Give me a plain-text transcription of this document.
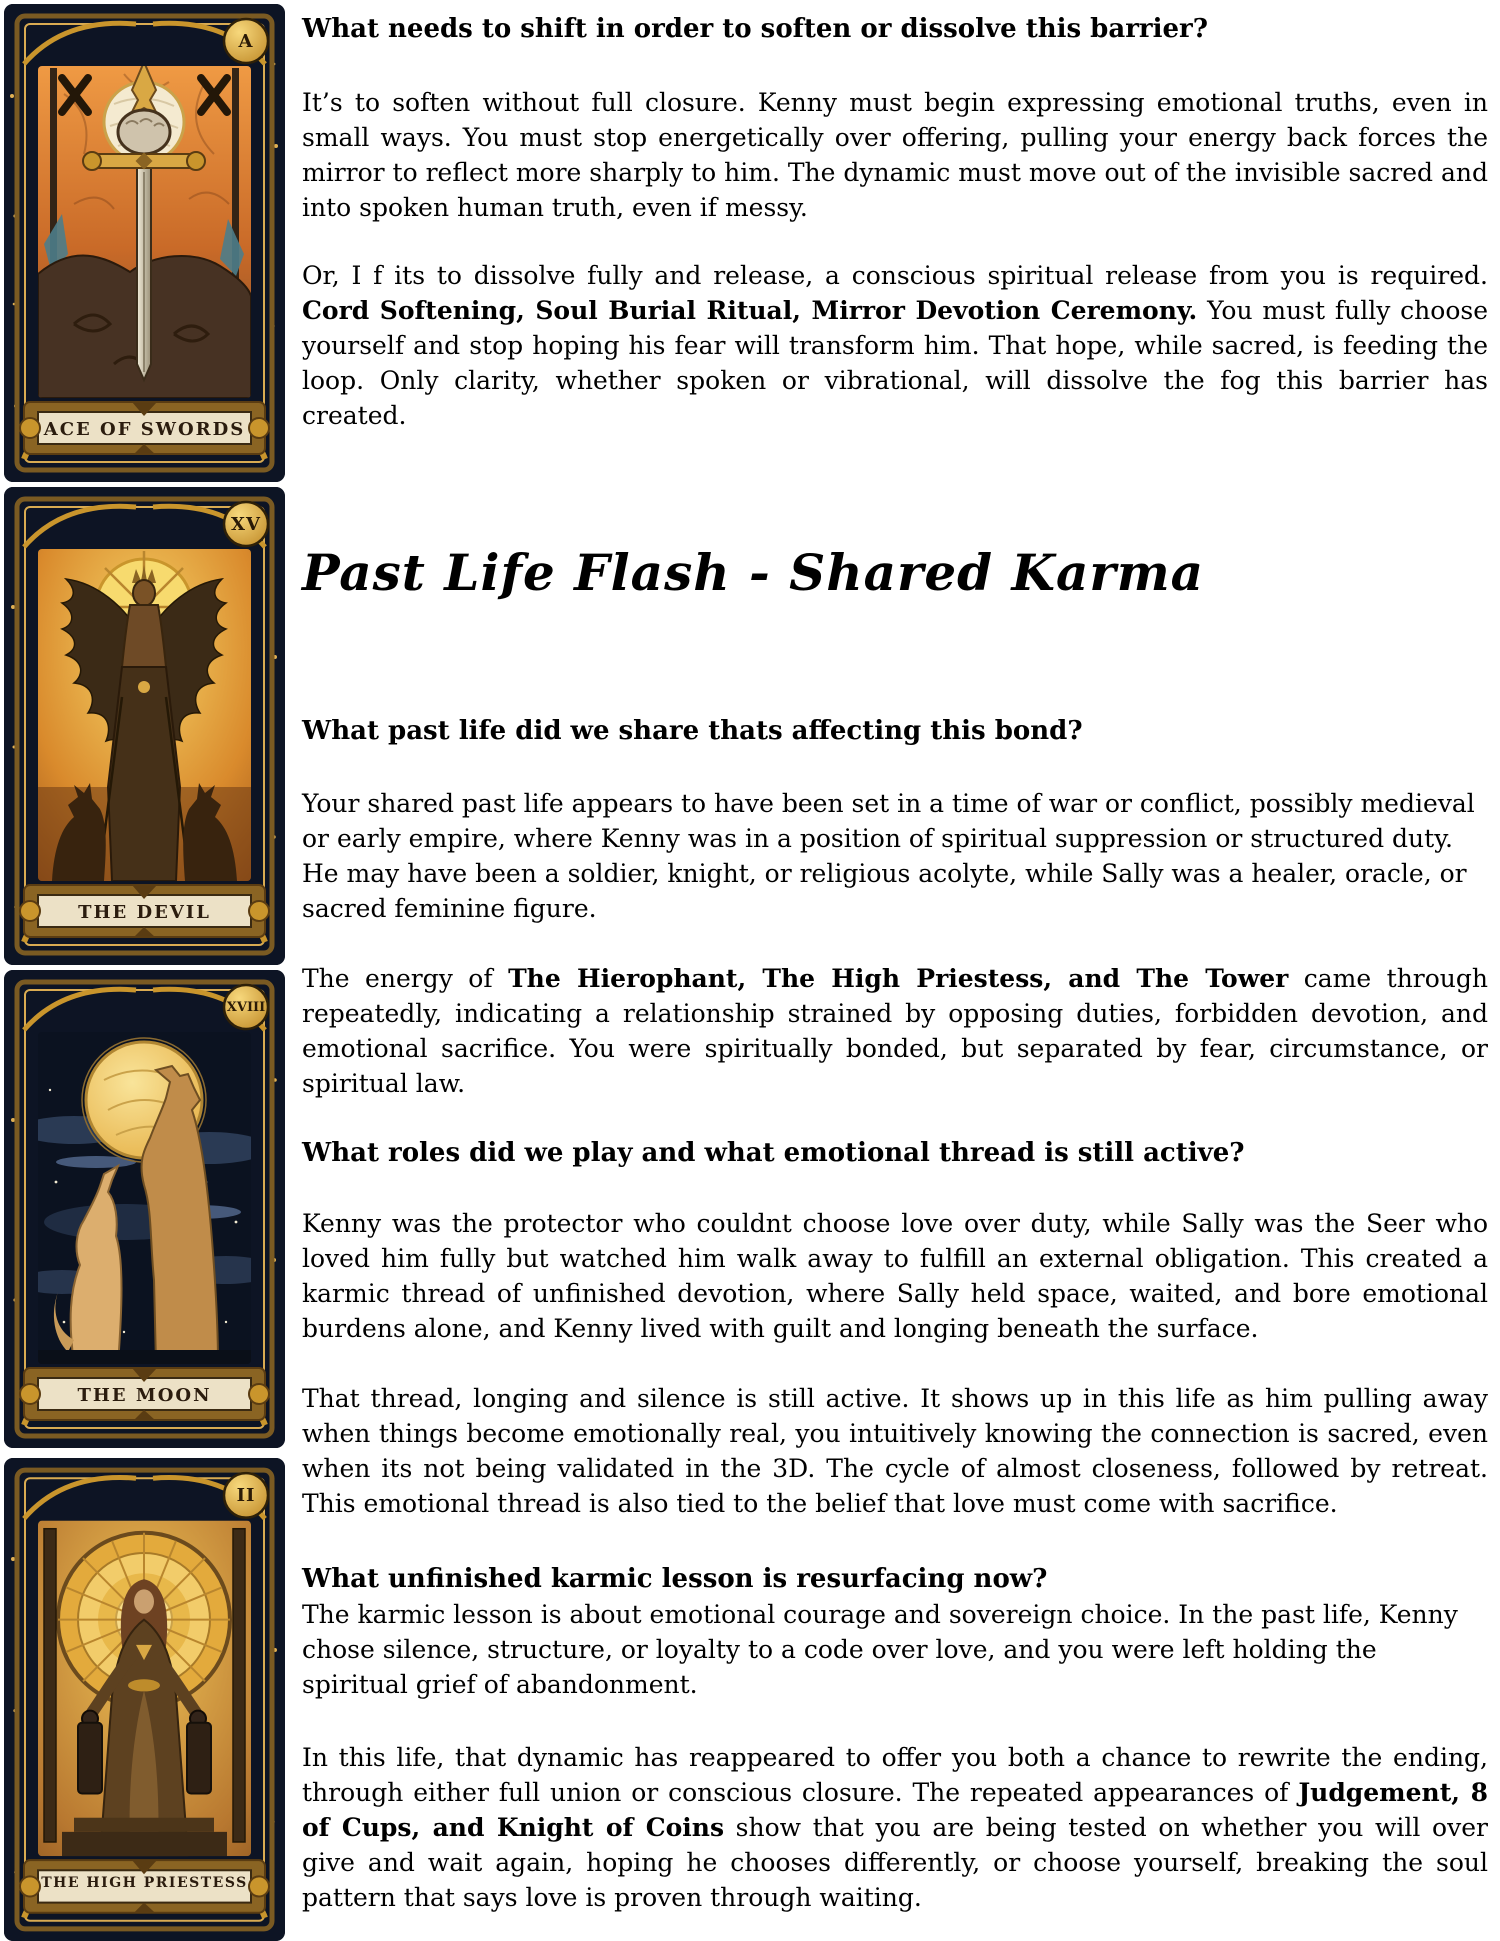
A
ACE OF SWORDS
XV
THE DEVIL
XVIII
THE MOON
II
THE HIGH PRIESTESS
What needs to shift in order to soften or dissolve this barrier?

It’s to soften without full closure. Kenny must begin expressing emotional truths, even in small ways. You must stop energetically over offering, pulling your energy back forces the mirror to reflect more sharply to him. The dynamic must move out of the invisible sacred and into spoken human truth, even if messy.

Or, I f its to dissolve fully and release, a conscious spiritual release from you is required. Cord Softening, Soul Burial Ritual, Mirror Devotion Ceremony. You must fully choose yourself and stop hoping his fear will transform him. That hope, while sacred, is feeding the loop. Only clarity, whether spoken or vibrational, will dissolve the fog this barrier has created.

Past Life Flash - Shared Karma
What past life did we share thats affecting this bond?

Your shared past life appears to have been set in a time of war or conflict, possibly medieval or early empire, where Kenny was in a position of spiritual suppression or structured duty. He may have been a soldier, knight, or religious acolyte, while Sally was a healer, oracle, or sacred feminine figure.

The energy of The Hierophant, The High Priestess, and The Tower came through repeatedly, indicating a relationship strained by opposing duties, forbidden devotion, and emotional sacrifice. You were spiritually bonded, but separated by fear, circumstance, or spiritual law.

What roles did we play and what emotional thread is still active?

Kenny was the protector who couldnt choose love over duty, while Sally was the Seer who loved him fully but watched him walk away to fulfill an external obligation. This created a karmic thread of unfinished devotion, where Sally held space, waited, and bore emotional burdens alone, and Kenny lived with guilt and longing beneath the surface.

That thread, longing and silence is still active. It shows up in this life as him pulling away when things become emotionally real, you intuitively knowing the connection is sacred, even when its not being validated in the 3D. The cycle of almost closeness, followed by retreat. This emotional thread is also tied to the belief that love must come with sacrifice.

What unfinished karmic lesson is resurfacing now?

The karmic lesson is about emotional courage and sovereign choice. In the past life, Kenny chose silence, structure, or loyalty to a code over love, and you were left holding the spiritual grief of abandonment.

In this life, that dynamic has reappeared to offer you both a chance to rewrite the ending, through either full union or conscious closure. The repeated appearances of Judgement, 8 of Cups, and Knight of Coins show that you are being tested on whether you will over give and wait again, hoping he chooses differently, or choose yourself, breaking the soul pattern that says love is proven through waiting.
